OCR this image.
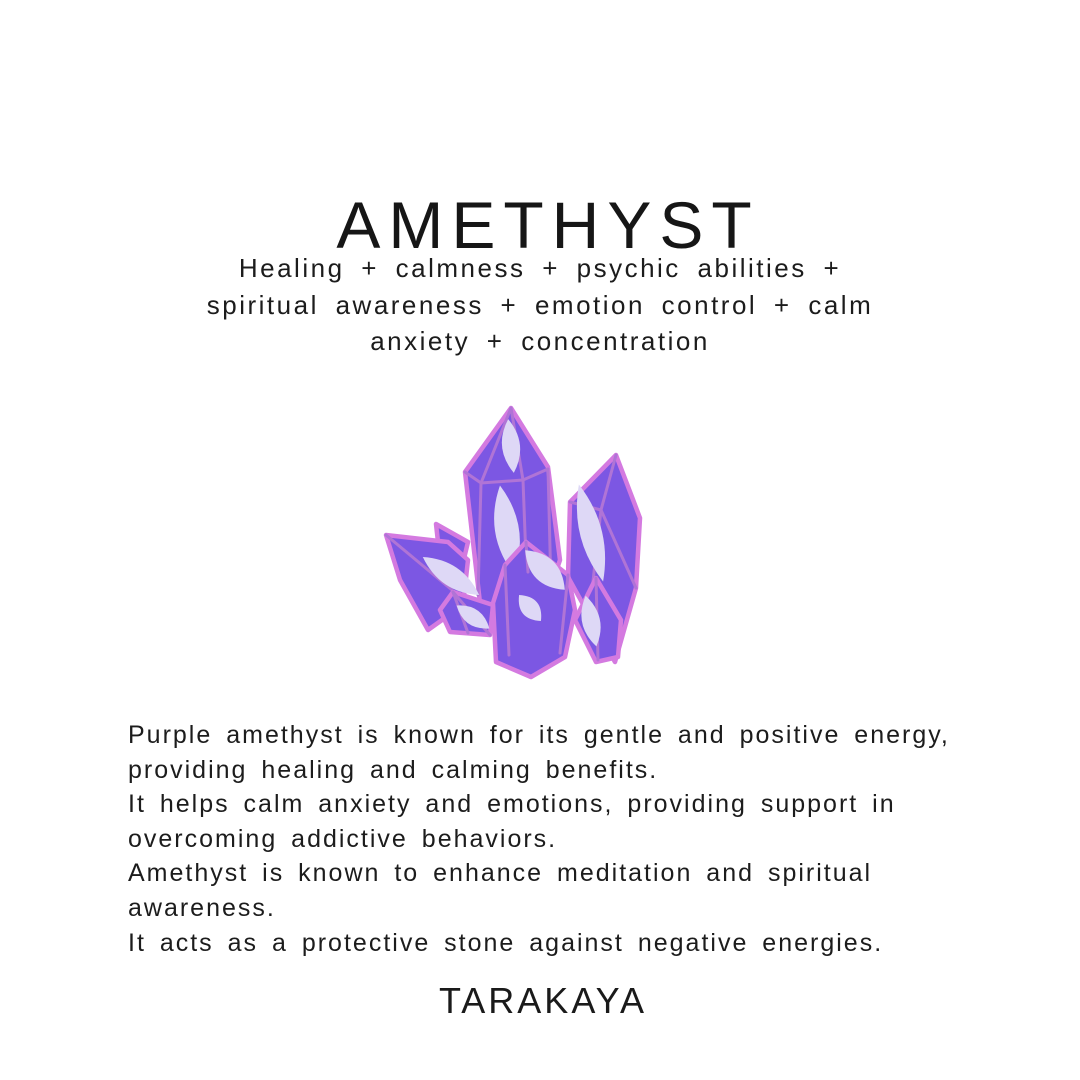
AMETHYST
Healing + calmness + psychic abilities +
spiritual awareness + emotion control + calm
anxiety + concentration
Purple amethyst is known for its gentle and positive energy,
providing healing and calming benefits.
It helps calm anxiety and emotions, providing support in
overcoming addictive behaviors.
Amethyst is known to enhance meditation and spiritual
awareness.
It acts as a protective stone against negative energies.
TARAKAYA
